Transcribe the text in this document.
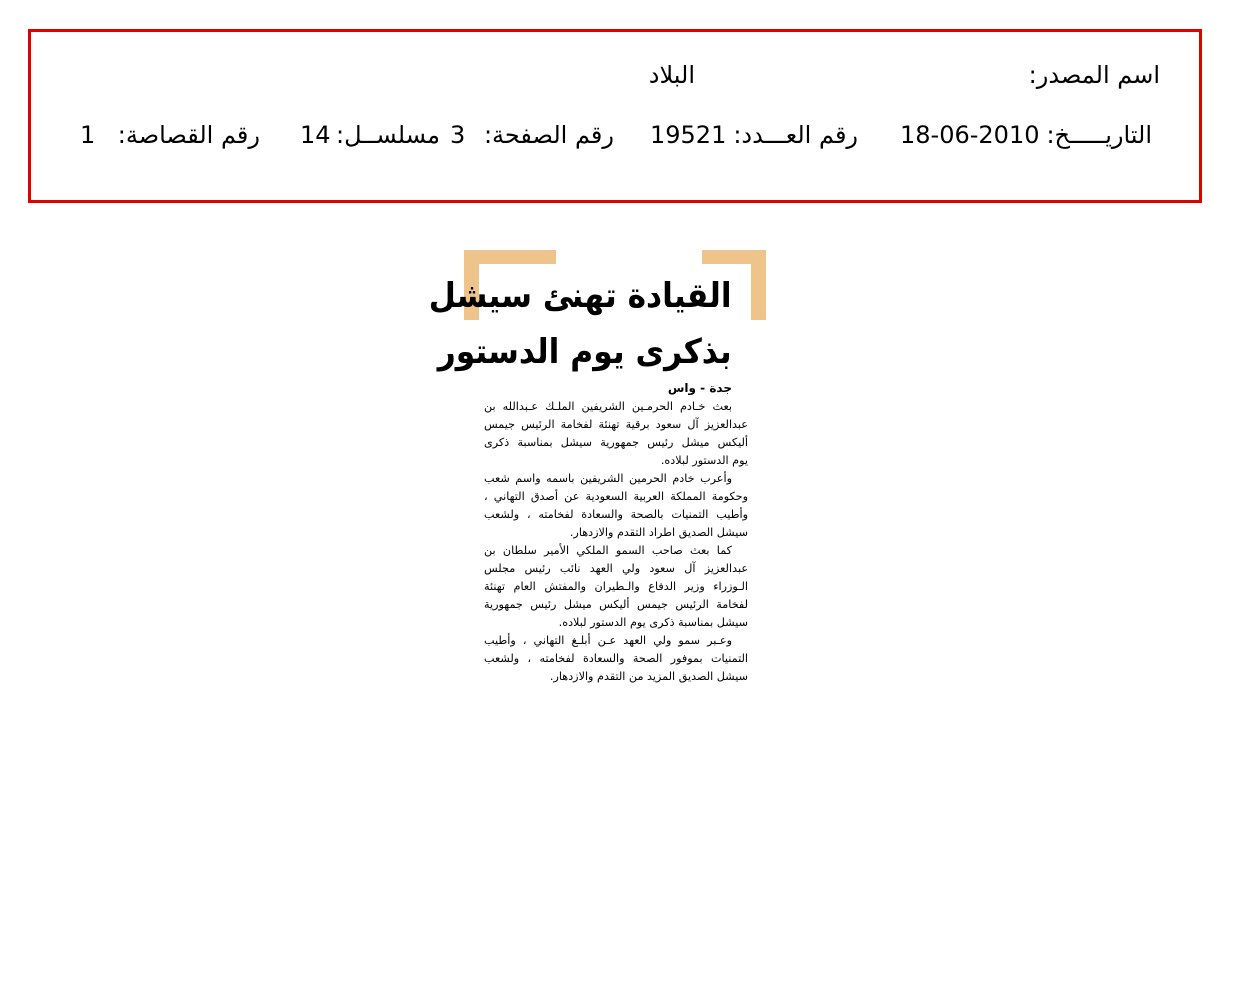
اسم المصدر:
البلاد
التاريـــــخ:
18-06-2010
رقم العـــدد:
19521
رقم الصفحة:
3
مسلســل:
14
رقم القصاصة:
1
القيادة تهنئ سيشل
بذكرى يوم الدستور
جدة - واس
بعث خـادم الحرمـين الشريفين الملـك عـبدالله بن
عبدالعزيز آل سعود برقية تهنئة لفخامة الرئيس جيمس
أليكس ميشل رئيس جمهورية سيشل بمناسبة ذكرى
يوم الدستور لبلاده.
وأعرب خادم الحرمين الشريفين باسمه واسم شعب
وحكومة المملكة العربية السعودية عن أصدق التهاني ،
وأطيب التمنيات بالصحة والسعادة لفخامته ، ولشعب
سيشل الصديق اطراد التقدم والازدهار.
كما بعث صاحب السمو الملكي الأمير سلطان بن
عبدالعزيز آل سعود ولي العهد نائب رئيس مجلس
الـوزراء وزير الدفاع والـطيران والمفتش العام تهنئة
لفخامة الرئيس جيمس أليكس ميشل رئيس جمهورية
سيشل بمناسبة ذكرى يوم الدستور لبلاده.
وعـبر سمو ولي العهد عـن أبلـغ التهاني ، وأطيب
التمنيات بموفور الصحة والسعادة لفخامته ، ولشعب
سيشل الصديق المزيد من التقدم والازدهار.
